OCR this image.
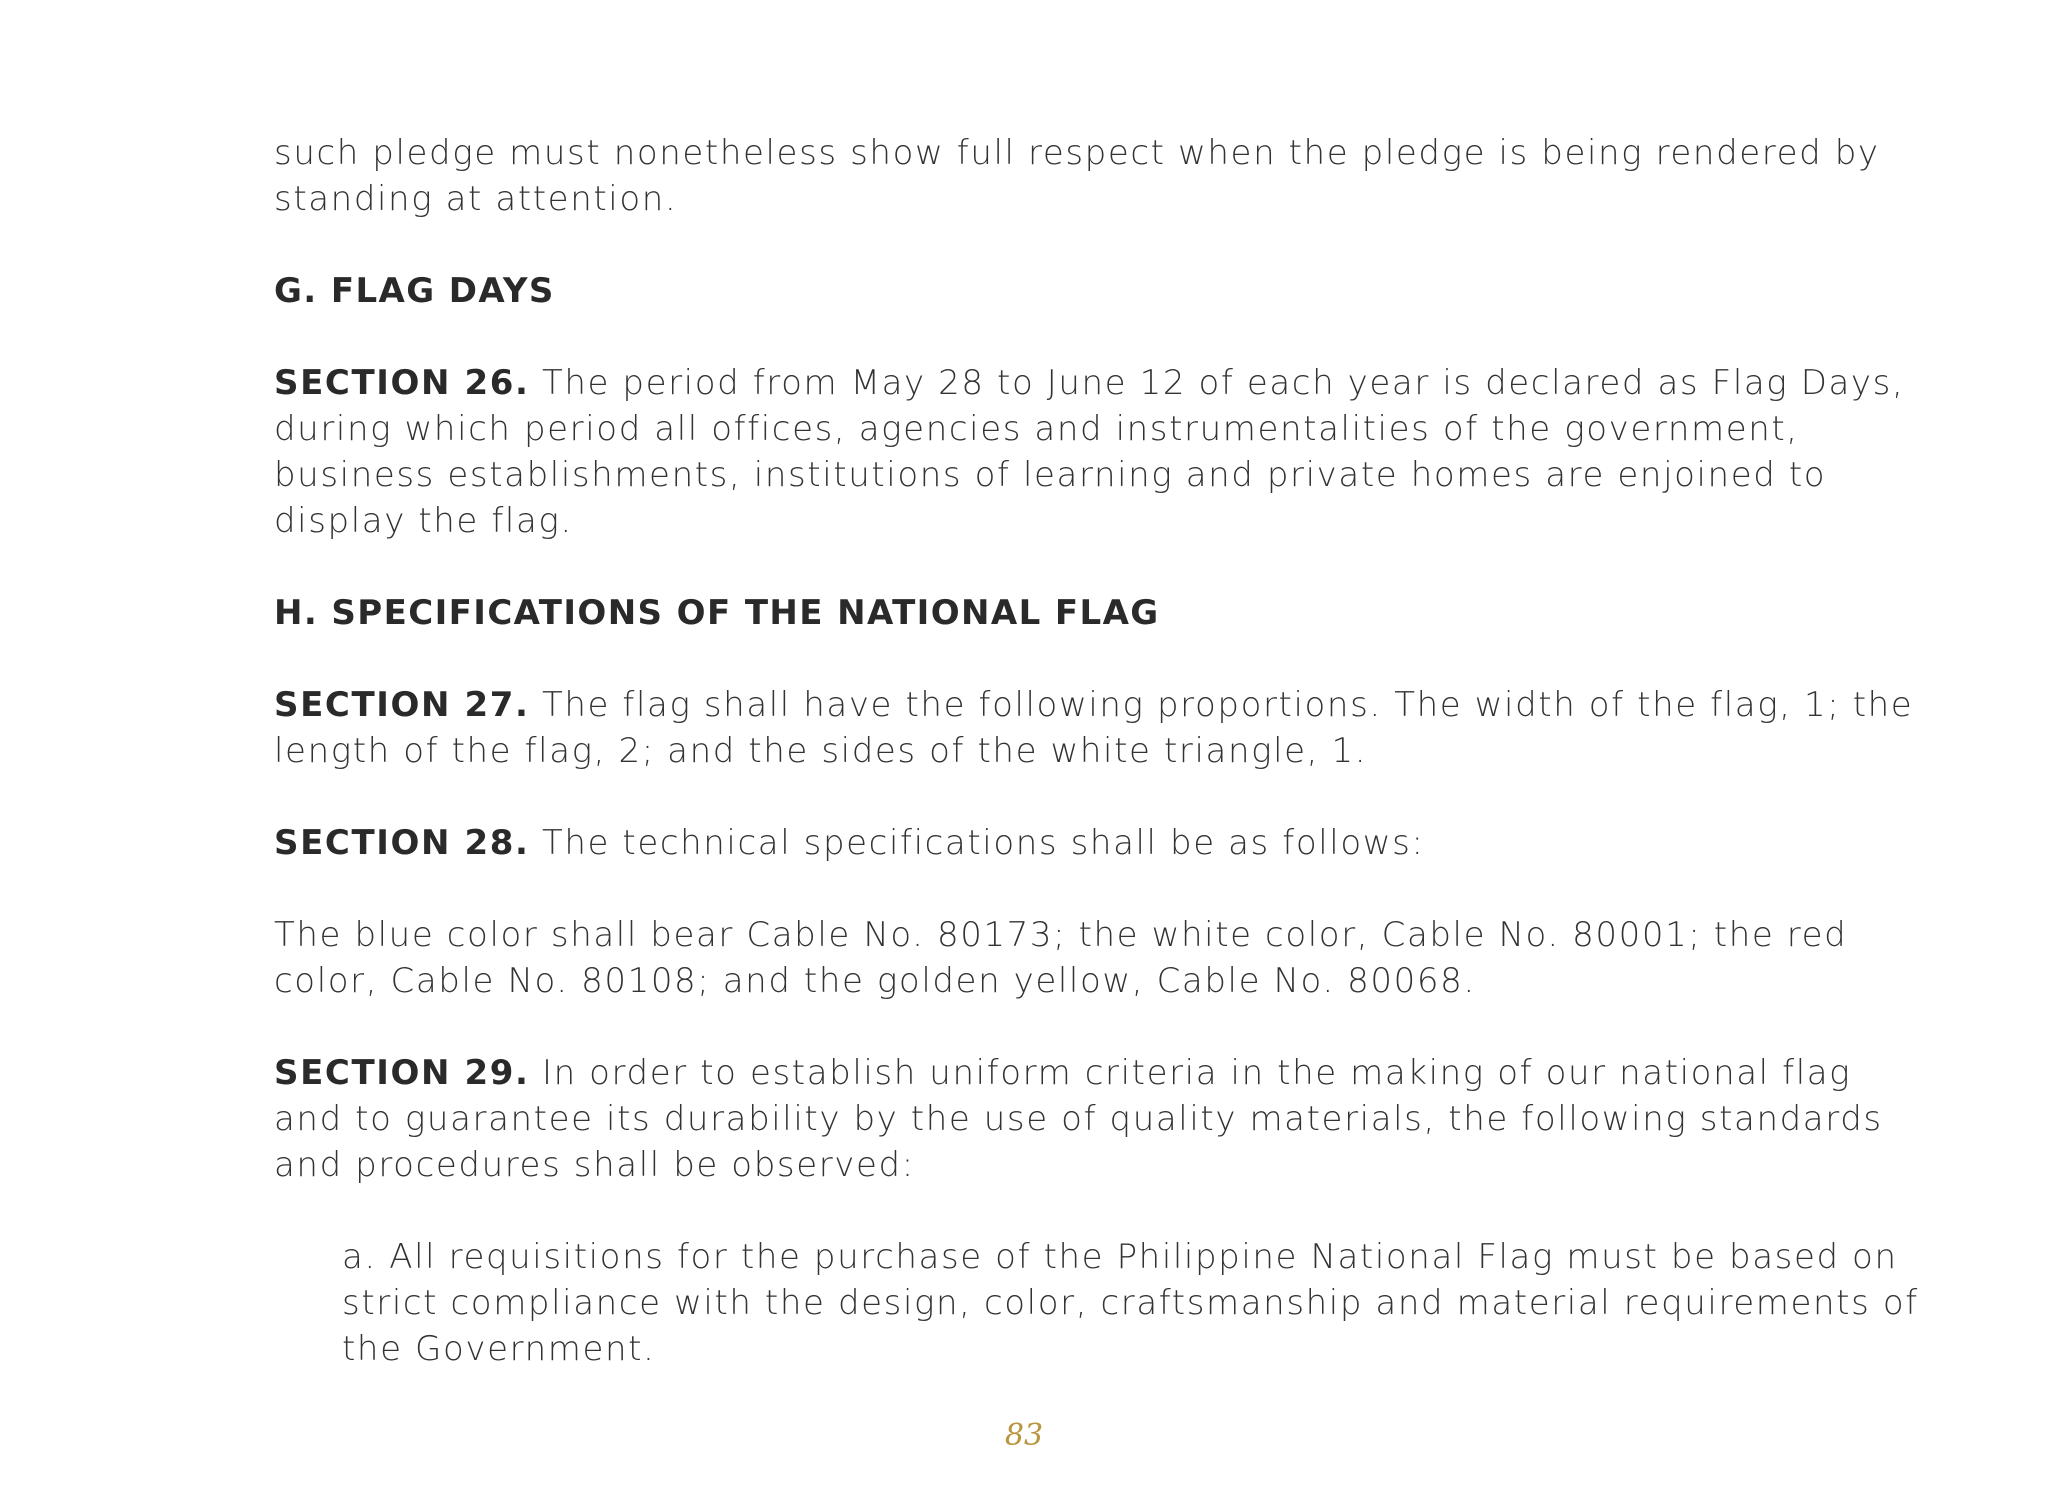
such pledge must nonetheless show full respect when the pledge is being rendered by standing at attention.

G. FLAG DAYS

SECTION 26. The period from May 28 to June 12 of each year is declared as Flag Days, during which period all offices, agencies and instrumentalities of the government, business establishments, institutions of learning and private homes are enjoined to display the flag.

H. SPECIFICATIONS OF THE NATIONAL FLAG

SECTION 27. The flag shall have the following proportions. The width of the flag, 1; the length of the flag, 2; and the sides of the white triangle, 1.

SECTION 28. The technical specifications shall be as follows:

The blue color shall bear Cable No. 80173; the white color, Cable No. 80001; the red color, Cable No. 80108; and the golden yellow, Cable No. 80068.

SECTION 29. In order to establish uniform criteria in the making of our national flag and to guarantee its durability by the use of quality materials, the following standards and procedures shall be observed:

a. All requisitions for the purchase of the Philippine National Flag must be based on strict compliance with the design, color, craftsmanship and material requirements of the Government.

83
